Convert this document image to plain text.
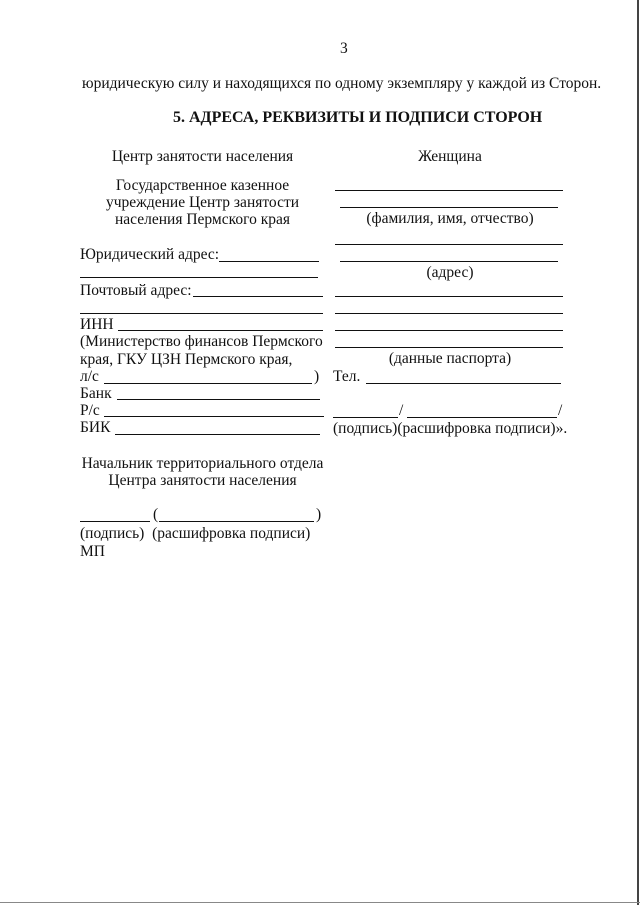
3
юридическую силу и находящихся по одному экземпляру у каждой из Сторон.
5. АДРЕСА, РЕКВИЗИТЫ И ПОДПИСИ СТОРОН
Центр занятости населения
Государственное казенное
учреждение Центр занятости
населения Пермского края
Юридический адрес:
Почтовый адрес:
ИНН
(Министерство финансов Пермского
края, ГКУ ЦЗН Пермского края,
л/с	)
Банк
Р/с
БИК
Начальник территориального отдела
Центра занятости населения
(	)
(подпись)  (расшифровка подписи)
МП
Женщина
(фамилия, имя, отчество)
(адрес)
(данные паспорта)
Тел.
/	/
(подпись)(расшифровка подписи)».
